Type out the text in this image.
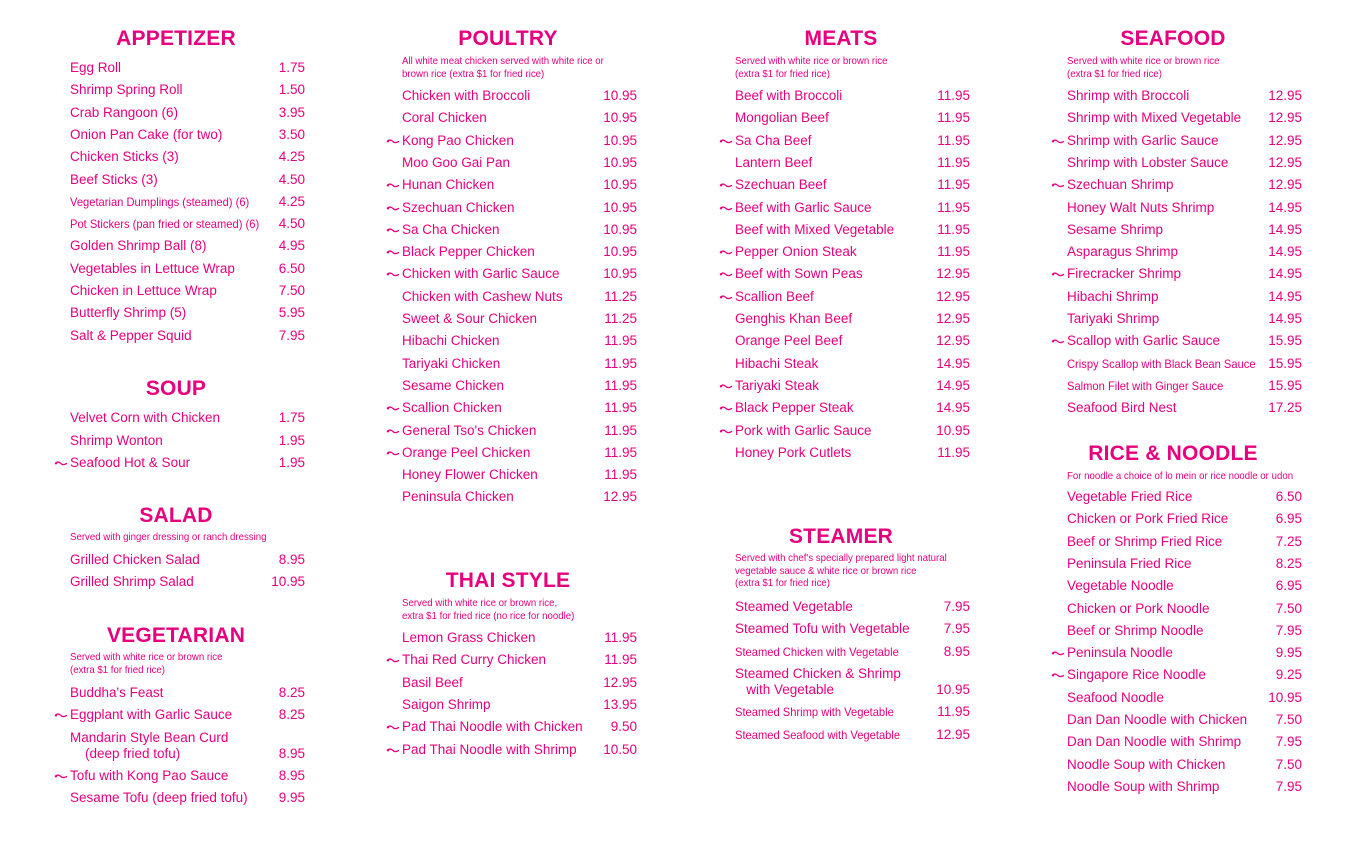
APPETIZER
Egg Roll	1.75
Shrimp Spring Roll	1.50
Crab Rangoon (6)	3.95
Onion Pan Cake (for two)	3.50
Chicken Sticks (3)	4.25
Beef Sticks (3)	4.50
Vegetarian Dumplings (steamed) (6) 4.25
Pot Stickers (pan fried or steamed) (6) 4.50
Golden Shrimp Ball (8)	4.95
Vegetables in Lettuce Wrap	6.50
Chicken in Lettuce Wrap	7.50
Butterfly Shrimp (5)	5.95
Salt & Pepper Squid	7.95
SOUP
Velvet Corn with Chicken	1.75
Shrimp Wonton	1.95
Seafood Hot & Sour	1.95
SALAD

Served with ginger dressing or ranch dressing

Grilled Chicken Salad	8.95
Grilled Shrimp Salad	10.95
VEGETARIAN

Served with white rice or brown rice
(extra $1 for fried rice)

Buddha's Feast	8.25
Eggplant with Garlic Sauce	8.25
Mandarin Style Bean Curd
(deep fried tofu)	8.95
Tofu with Kong Pao Sauce	8.95
Sesame Tofu (deep fried tofu) 9.95
POULTRY

All white meat chicken served with white rice or
brown rice (extra $1 for fried rice)

Chicken with Broccoli	10.95
Coral Chicken	10.95
Kong Pao Chicken	10.95
Moo Goo Gai Pan	10.95
Hunan Chicken	10.95
Szechuan Chicken	10.95
Sa Cha Chicken	10.95
Black Pepper Chicken	10.95
Chicken with Garlic Sauce	10.95
Chicken with Cashew Nuts	11.25
Sweet & Sour Chicken	11.25
Hibachi Chicken	11.95
Tariyaki Chicken	11.95
Sesame Chicken	11.95
Scallion Chicken	11.95
General Tso's Chicken	11.95
Orange Peel Chicken	11.95
Honey Flower Chicken	11.95
Peninsula Chicken	12.95
THAI STYLE

Served with white rice or brown rice,
extra $1 for fried rice (no rice for noodle)

Lemon Grass Chicken	11.95
Thai Red Curry Chicken	11.95
Basil Beef	12.95
Saigon Shrimp	13.95
Pad Thai Noodle with Chicken 9.50
Pad Thai Noodle with Shrimp 10.50
MEATS

Served with white rice or brown rice
(extra $1 for fried rice)

Beef with Broccoli	11.95
Mongolian Beef	11.95
Sa Cha Beef	11.95
Lantern Beef	11.95
Szechuan Beef	11.95
Beef with Garlic Sauce	11.95
Beef with Mixed Vegetable	11.95
Pepper Onion Steak	11.95
Beef with Sown Peas	12.95
Scallion Beef	12.95
Genghis Khan Beef	12.95
Orange Peel Beef	12.95
Hibachi Steak	14.95
Tariyaki Steak	14.95
Black Pepper Steak	14.95
Pork with Garlic Sauce	10.95
Honey Pork Cutlets	11.95
STEAMER

Served with chef's specially prepared light natural
vegetable sauce & white rice or brown rice
(extra $1 for fried rice)

Steamed Vegetable	7.95
Steamed Tofu with Vegetable	7.95
Steamed Chicken with Vegetable	8.95
Steamed Chicken & Shrimp
with Vegetable	10.95
Steamed Shrimp with Vegetable	11.95
Steamed Seafood with Vegetable	12.95
SEAFOOD

Served with white rice or brown rice
(extra $1 for fried rice)

Shrimp with Broccoli	12.95
Shrimp with Mixed Vegetable 12.95
Shrimp with Garlic Sauce	12.95
Shrimp with Lobster Sauce	12.95
Szechuan Shrimp	12.95
Honey Walt Nuts Shrimp	14.95
Sesame Shrimp	14.95
Asparagus Shrimp	14.95
Firecracker Shrimp	14.95
Hibachi Shrimp	14.95
Tariyaki Shrimp	14.95
Scallop with Garlic Sauce	15.95
Crispy Scallop with Black Bean Sauce 15.95
Salmon Filet with Ginger Sauce	15.95
Seafood Bird Nest	17.25
RICE & NOODLE

For noodle a choice of lo mein or rice noodle or udon

Vegetable Fried Rice	6.50
Chicken or Pork Fried Rice	6.95
Beef or Shrimp Fried Rice	7.25
Peninsula Fried Rice	8.25
Vegetable Noodle	6.95
Chicken or Pork Noodle	7.50
Beef or Shrimp Noodle	7.95
Peninsula Noodle	9.95
Singapore Rice Noodle	9.25
Seafood Noodle	10.95
Dan Dan Noodle with Chicken 7.50
Dan Dan Noodle with Shrimp	7.95
Noodle Soup with Chicken	7.50
Noodle Soup with Shrimp	7.95
